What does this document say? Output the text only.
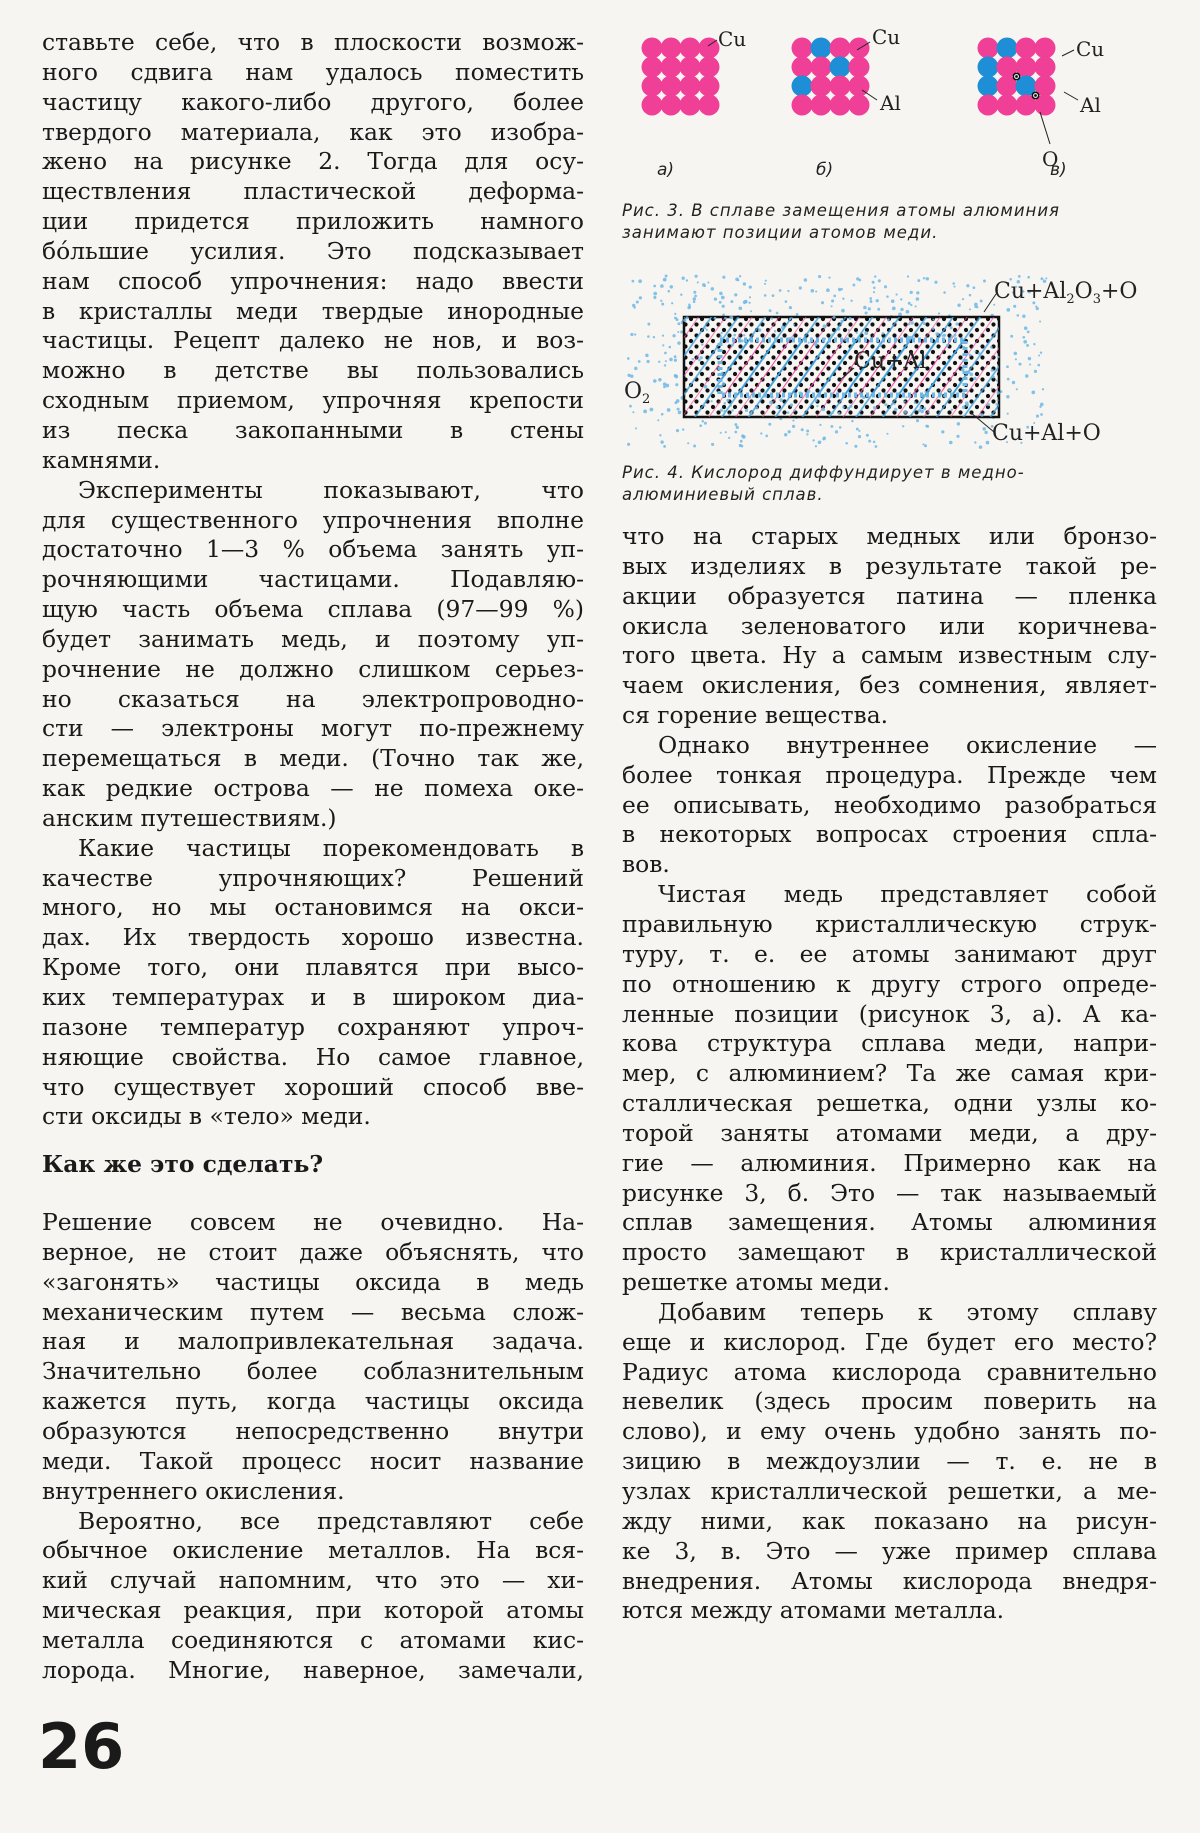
ставьте себе, что в плоскости возмож-
ного сдвига нам удалось поместить
частицу какого-либо другого, более
твердого материала, как это изобра-
жено на рисунке 2. Тогда для осу-
ществления пластической деформа-
ции придется приложить намного
бо́льшие усилия. Это подсказывает
нам способ упрочнения: надо ввести
в кристаллы меди твердые инородные
частицы. Рецепт далеко не нов, и воз-
можно в детстве вы пользовались
сходным приемом, упрочняя крепости
из песка закопанными в стены
камнями.
Эксперименты показывают, что
для существенного упрочнения вполне
достаточно 1—3 % объема занять уп-
рочняющими частицами. Подавляю-
щую часть объема сплава (97—99 %)
будет занимать медь, и поэтому уп-
рочнение не должно слишком серьез-
но сказаться на электропроводно-
сти — электроны могут по-прежнему
перемещаться в меди. (Точно так же,
как редкие острова — не помеха оке-
анским путешествиям.)
Какие частицы порекомендовать в
качестве упрочняющих? Решений
много, но мы остановимся на окси-
дах. Их твердость хорошо известна.
Кроме того, они плавятся при высо-
ких температурах и в широком диа-
пазоне температур сохраняют упроч-
няющие свойства. Но самое главное,
что существует хороший способ вве-
сти оксиды в «тело» меди.
Как же это сделать?
Решение совсем не очевидно. На-
верное, не стоит даже объяснять, что
«загонять» частицы оксида в медь
механическим путем — весьма слож-
ная и малопривлекательная задача.
Значительно более соблазнительным
кажется путь, когда частицы оксида
образуются непосредственно внутри
меди. Такой процесс носит название
внутреннего окисления.
Вероятно, все представляют себе
обычное окисление металлов. На вся-
кий случай напомним, что это — хи-
мическая реакция, при которой атомы
металла соединяются с атомами кис-
лорода. Многие, наверное, замечали,
Cu	Cu
Al
Cu
Al
O
а)	б)	в)
Рис. 3. В сплаве замещения атомы алюминия занимают позиции атомов меди.
$Cu+Al_2O_3+O$
Cu+Al
Cu+Al+O
$O_2$
Рис. 4. Кислород диффундирует в медно-алюминиевый сплав.
что на старых медных или бронзо-
вых изделиях в результате такой ре-
акции образуется патина — пленка
окисла зеленоватого или коричнева-
того цвета. Ну а самым известным слу-
чаем окисления, без сомнения, являет-
ся горение вещества.
Однако внутреннее окисление —
более тонкая процедура. Прежде чем
ее описывать, необходимо разобраться
в некоторых вопросах строения спла-
вов.
Чистая медь представляет собой
правильную кристаллическую струк-
туру, т. е. ее атомы занимают друг
по отношению к другу строго опреде-
ленные позиции (рисунок 3, а). А ка-
кова структура сплава меди, напри-
мер, с алюминием? Та же самая кри-
сталлическая решетка, одни узлы ко-
торой заняты атомами меди, а дру-
гие — алюминия. Примерно как на
рисунке 3, б. Это — так называемый
сплав замещения. Атомы алюминия
просто замещают в кристаллической
решетке атомы меди.
Добавим теперь к этому сплаву
еще и кислород. Где будет его место?
Радиус атома кислорода сравнительно
невелик (здесь просим поверить на
слово), и ему очень удобно занять по-
зицию в междоузлии — т. е. не в
узлах кристаллической решетки, а ме-
жду ними, как показано на рисун-
ке 3, в. Это — уже пример сплава
внедрения. Атомы кислорода внедря-
ются между атомами металла.
26
